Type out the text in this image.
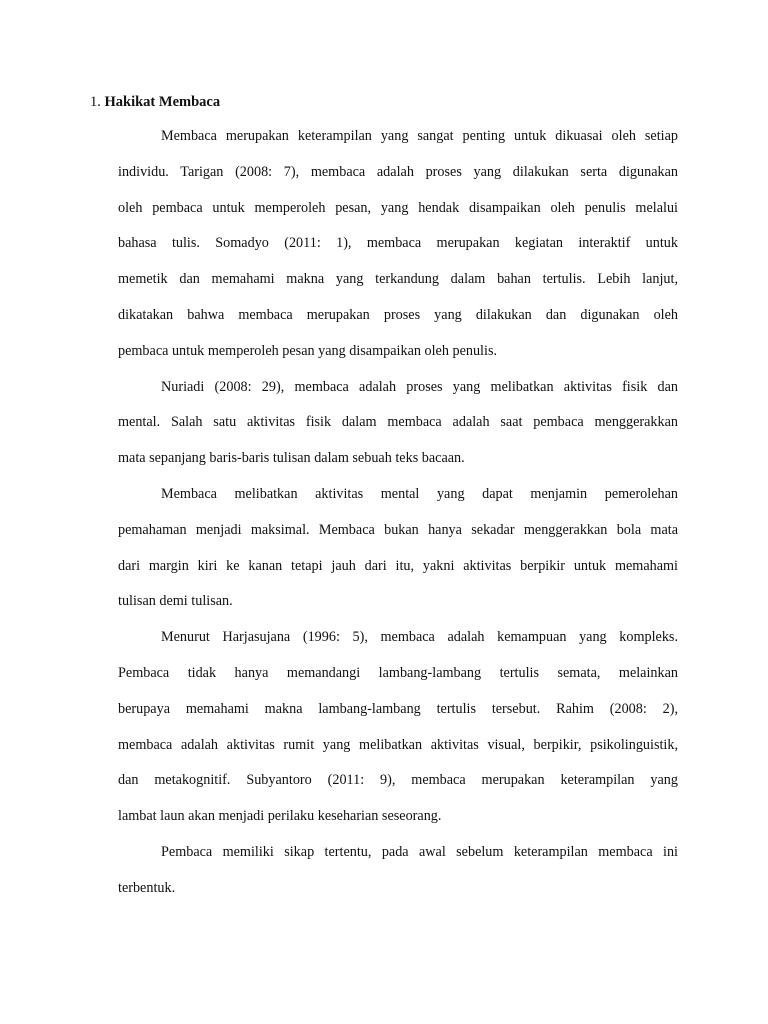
1. Hakikat Membaca
Membaca merupakan keterampilan yang sangat penting untuk dikuasai oleh setiap
individu. Tarigan (2008: 7), membaca adalah proses yang dilakukan serta digunakan
oleh pembaca untuk memperoleh pesan, yang hendak disampaikan oleh penulis melalui
bahasa tulis. Somadyo (2011: 1), membaca merupakan kegiatan interaktif untuk
memetik dan memahami makna yang terkandung dalam bahan tertulis. Lebih lanjut,
dikatakan bahwa membaca merupakan proses yang dilakukan dan digunakan oleh
pembaca untuk memperoleh pesan yang disampaikan oleh penulis.
Nuriadi (2008: 29), membaca adalah proses yang melibatkan aktivitas fisik dan
mental. Salah satu aktivitas fisik dalam membaca adalah saat pembaca menggerakkan
mata sepanjang baris-baris tulisan dalam sebuah teks bacaan.
Membaca melibatkan aktivitas mental yang dapat menjamin pemerolehan
pemahaman menjadi maksimal. Membaca bukan hanya sekadar menggerakkan bola mata
dari margin kiri ke kanan tetapi jauh dari itu, yakni aktivitas berpikir untuk memahami
tulisan demi tulisan.
Menurut Harjasujana (1996: 5), membaca adalah kemampuan yang kompleks.
Pembaca tidak hanya memandangi lambang-lambang tertulis semata, melainkan
berupaya memahami makna lambang-lambang tertulis tersebut. Rahim (2008: 2),
membaca adalah aktivitas rumit yang melibatkan aktivitas visual, berpikir, psikolinguistik,
dan metakognitif. Subyantoro (2011: 9), membaca merupakan keterampilan yang
lambat laun akan menjadi perilaku keseharian seseorang.
Pembaca memiliki sikap tertentu, pada awal sebelum keterampilan membaca ini
terbentuk.
